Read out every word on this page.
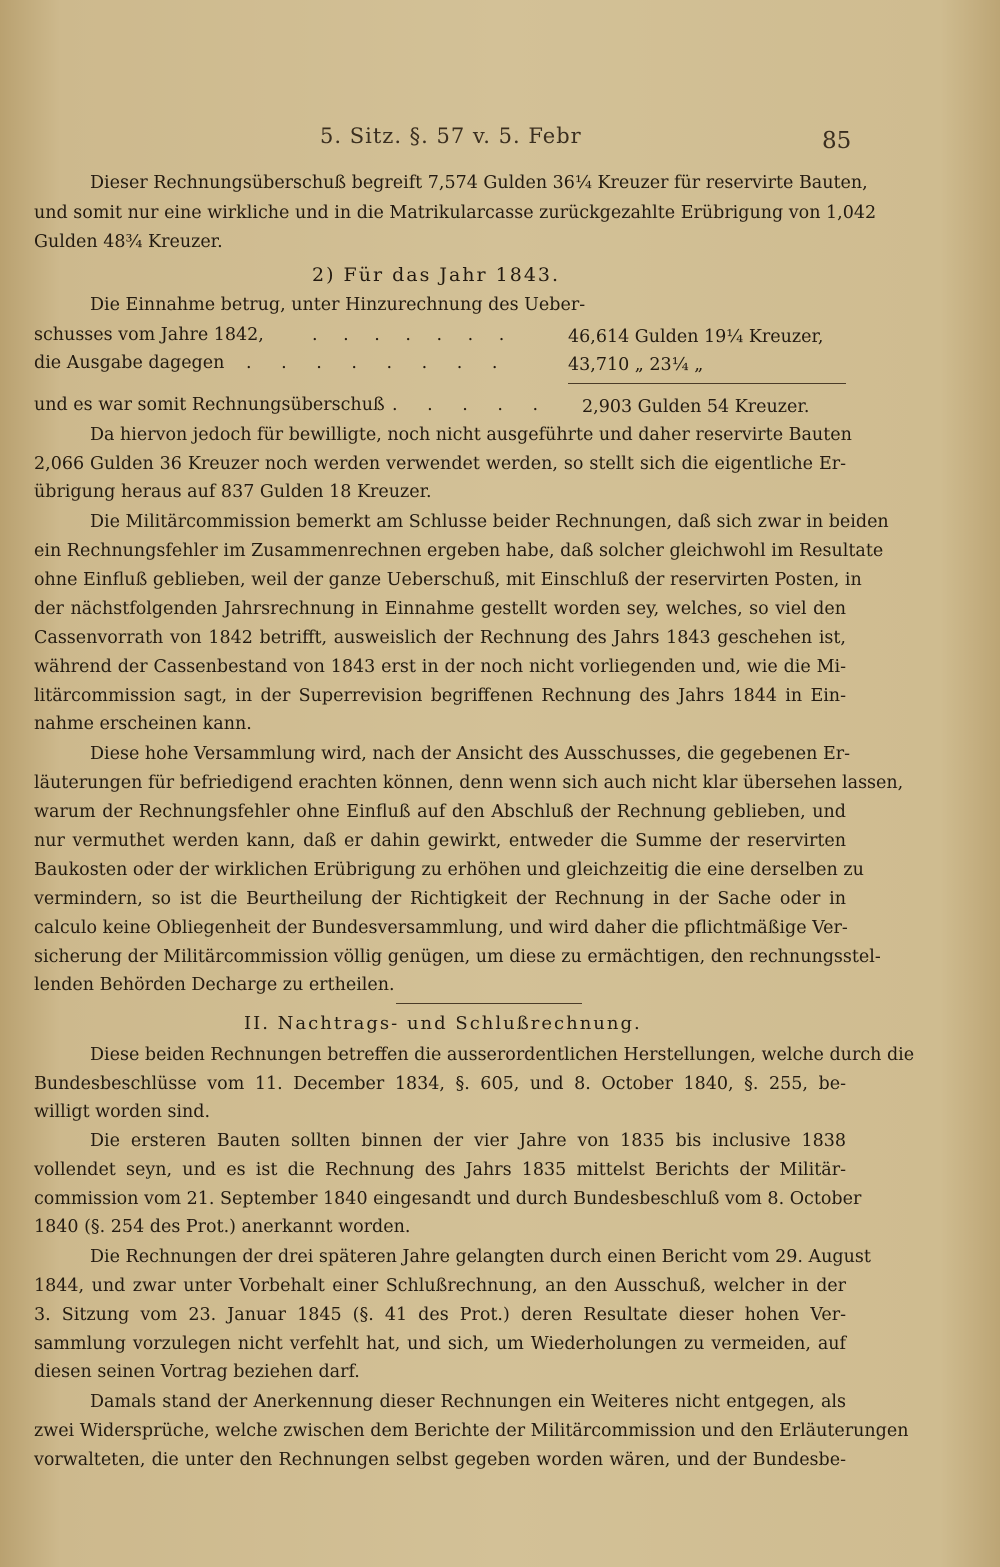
5. Sitz. §. 57 v. 5. Febr	85
Dieser Rechnungsüberschuß begreift 7,574 Gulden 36¼ Kreuzer für reservirte Bauten,
und somit nur eine wirkliche und in die Matrikularcasse zurückgezahlte Erübrigung von 1,042
Gulden 48¾ Kreuzer.
2) Für das Jahr 1843.
Die Einnahme betrug, unter Hinzurechnung des Ueber-
schusses vom Jahre 1842,	. . . . . . .	46,614 Gulden 19¼ Kreuzer,
die Ausgabe dagegen . . . . . . . .	43,710 „ 23¼ „
und es war somit Rechnungsüberschuß . . . . . 2,903 Gulden 54 Kreuzer.
Da hiervon jedoch für bewilligte, noch nicht ausgeführte und daher reservirte Bauten
2,066 Gulden 36 Kreuzer noch werden verwendet werden, so stellt sich die eigentliche Er-
übrigung heraus auf 837 Gulden 18 Kreuzer.
Die Militärcommission bemerkt am Schlusse beider Rechnungen, daß sich zwar in beiden
ein Rechnungsfehler im Zusammenrechnen ergeben habe, daß solcher gleichwohl im Resultate
ohne Einfluß geblieben, weil der ganze Ueberschuß, mit Einschluß der reservirten Posten, in
der nächstfolgenden Jahrsrechnung in Einnahme gestellt worden sey, welches, so viel den
Cassenvorrath von 1842 betrifft, ausweislich der Rechnung des Jahrs 1843 geschehen ist,
während der Cassenbestand von 1843 erst in der noch nicht vorliegenden und, wie die Mi-
litärcommission sagt, in der Superrevision begriffenen Rechnung des Jahrs 1844 in Ein-
nahme erscheinen kann.
Diese hohe Versammlung wird, nach der Ansicht des Ausschusses, die gegebenen Er-
läuterungen für befriedigend erachten können, denn wenn sich auch nicht klar übersehen lassen,
warum der Rechnungsfehler ohne Einfluß auf den Abschluß der Rechnung geblieben, und
nur vermuthet werden kann, daß er dahin gewirkt, entweder die Summe der reservirten
Baukosten oder der wirklichen Erübrigung zu erhöhen und gleichzeitig die eine derselben zu
vermindern, so ist die Beurtheilung der Richtigkeit der Rechnung in der Sache oder in
calculo keine Obliegenheit der Bundesversammlung, und wird daher die pflichtmäßige Ver-
sicherung der Militärcommission völlig genügen, um diese zu ermächtigen, den rechnungsstel-
lenden Behörden Decharge zu ertheilen.
II. Nachtrags- und Schlußrechnung.
Diese beiden Rechnungen betreffen die ausserordentlichen Herstellungen, welche durch die
Bundesbeschlüsse vom 11. December 1834, §. 605, und 8. October 1840, §. 255, be-
willigt worden sind.
Die ersteren Bauten sollten binnen der vier Jahre von 1835 bis inclusive 1838
vollendet seyn, und es ist die Rechnung des Jahrs 1835 mittelst Berichts der Militär-
commission vom 21. September 1840 eingesandt und durch Bundesbeschluß vom 8. October
1840 (§. 254 des Prot.) anerkannt worden.
Die Rechnungen der drei späteren Jahre gelangten durch einen Bericht vom 29. August
1844, und zwar unter Vorbehalt einer Schlußrechnung, an den Ausschuß, welcher in der
3. Sitzung vom 23. Januar 1845 (§. 41 des Prot.) deren Resultate dieser hohen Ver-
sammlung vorzulegen nicht verfehlt hat, und sich, um Wiederholungen zu vermeiden, auf
diesen seinen Vortrag beziehen darf.
Damals stand der Anerkennung dieser Rechnungen ein Weiteres nicht entgegen, als
zwei Widersprüche, welche zwischen dem Berichte der Militärcommission und den Erläuterungen
vorwalteten, die unter den Rechnungen selbst gegeben worden wären, und der Bundesbe-
